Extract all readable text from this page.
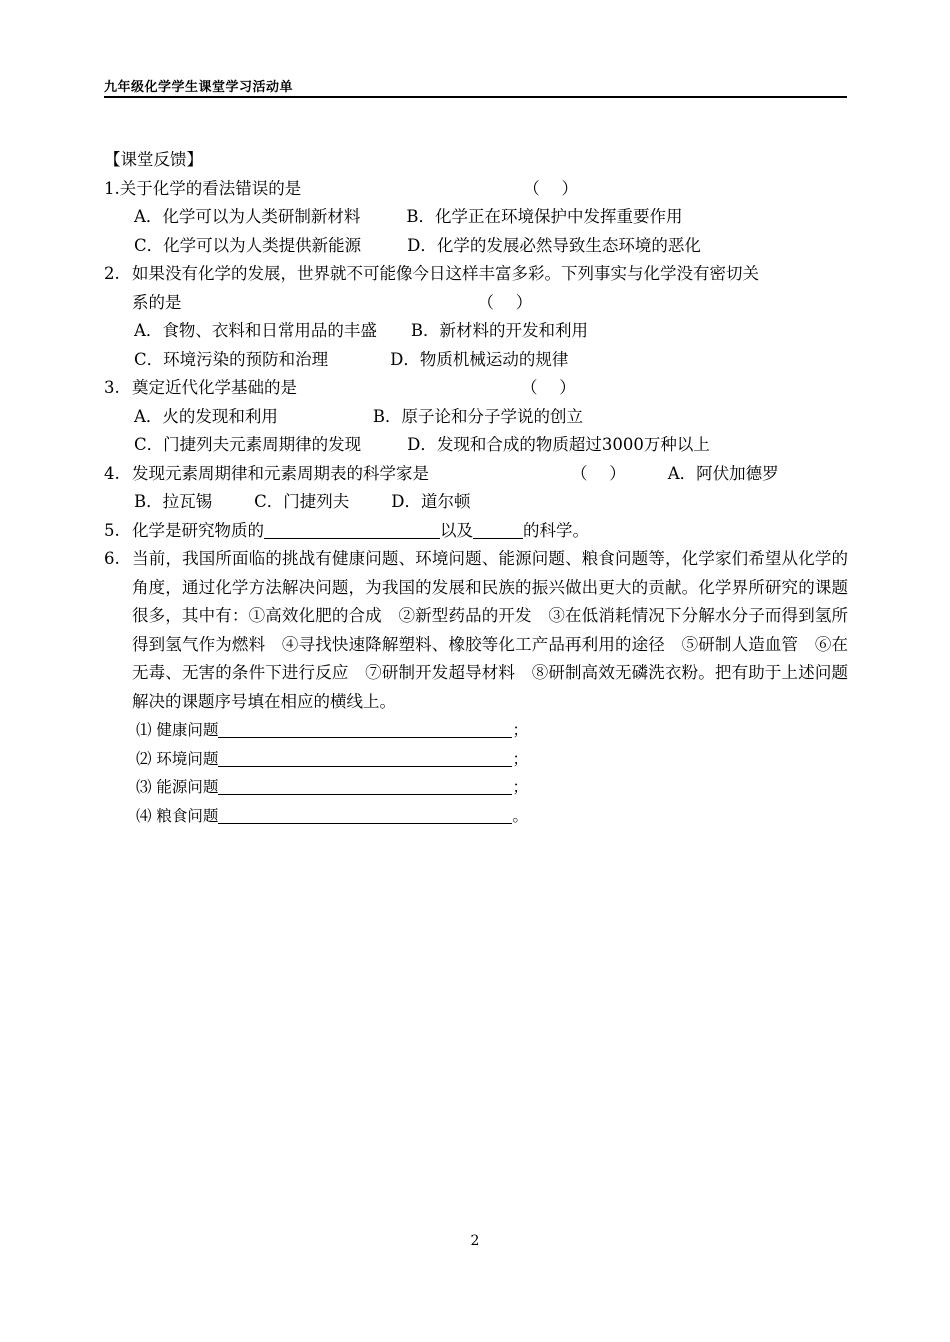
九年级化学学生课堂学习活动单
【课堂反馈】
1.关于化学的看法错误的是	（　 ）
A．化学可以为人类研制新材料	B．化学正在环境保护中发挥重要作用
C．化学可以为人类提供新能源	D．化学的发展必然导致生态环境的恶化
2. 如果没有化学的发展，世界就不可能像今日这样丰富多彩。下列事实与化学没有密切关
系的是	（　 ）
A．食物、衣料和日常用品的丰盛 B．新材料的开发和利用
C．环境污染的预防和治理	D．物质机械运动的规律
3. 奠定近代化学基础的是	（　 ）
A．火的发现和利用	B．原子论和分子学说的创立
C．门捷列夫元素周期律的发现	D．发现和合成的物质超过3000万种以上
4. 发现元素周期律和元素周期表的科学家是	（　 ）	A．阿伏加德罗
B．拉瓦锡	C．门捷列夫	D．道尔顿
5. 化学是研究物质的	以及	的科学。
6. 当前，我国所面临的挑战有健康问题、环境问题、能源问题、粮食问题等，化学家们希望从化学的角度，通过化学方法解决问题，为我国的发展和民族的振兴做出更大的贡献。化学界所研究的课题很多，其中有：①高效化肥的合成　②新型药品的开发　③在低消耗情况下分解水分子而得到氢所得到氢气作为燃料　④寻找快速降解塑料、橡胶等化工产品再利用的途径　⑤研制人造血管　⑥在无毒、无害的条件下进行反应　⑦研制开发超导材料　⑧研制高效无磷洗衣粉。把有助于上述问题解决的课题序号填在相应的横线上。
⑴ 健康问题	；
⑵ 环境问题	；
⑶ 能源问题	；
⑷ 粮食问题	。
2
